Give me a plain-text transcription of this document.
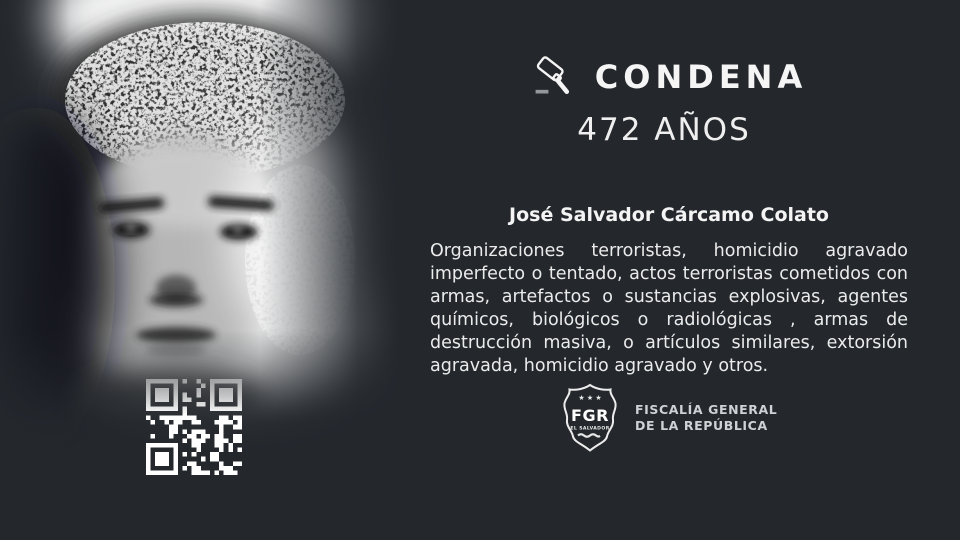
CONDENA
472 AÑOS
José Salvador Cárcamo Colato

Organizaciones terroristas, homicidio agravado imperfecto o tentado, actos terroristas cometidos con armas, artefactos o sustancias explosivas, agentes químicos, biológicos o radiológicas , armas de destrucción masiva, o artículos similares, extorsión agravada, homicidio agravado y otros.

★ ★ ★
FGR
EL SALVADOR
FISCALÍA GENERAL
DE LA REPÚBLICA
